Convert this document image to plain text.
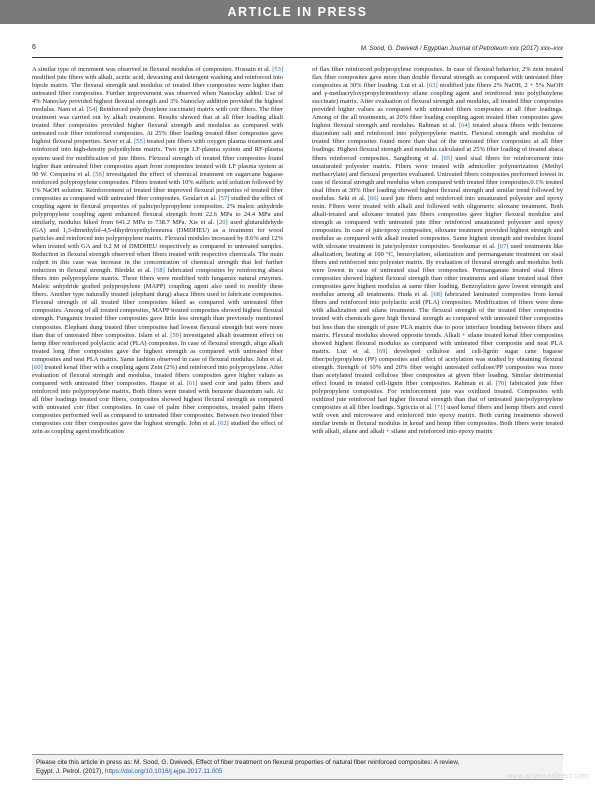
ARTICLE IN PRESS
6	M. Sood, G. Dwivedi / Egyptian Journal of Petroleum xxx (2017) xxx–xxx

A similar type of increment was observed in flexural modulus of composites. Hossain et al. [53] modified jute fibers with alkali, acetic acid, dewaxing and detergent washing and reinforced into bipole matrix. The flexural strength and modulus of treated fiber composites were higher than untreated fiber composites. Further improvement was observed when Nanoclay added. Use of 4% Nanoclay provided highest flexural strength and 3% Nanoclay addition provided the highest modulus. Nam et al. [54] Reinforced poly (butylene succinate) matrix with coir fibers. The fiber treatment was carried out by alkali treatment. Results showed that at all fiber loading alkali treated fiber composites provided higher flexural strength and modulus as compared with untreated coir fiber reinforced composites. At 25% fiber loading treated fiber composites gave highest flexural properties. Sever et al. [55] treated jute fibers with oxygen plasma treatment and reinforced into high-density polyethylene matrix. Two type LF-plasma system and RF-plasma system used for modification of jute fibers. Flexural strength of treated fiber composites found higher than untreated fiber composites apart from composites treated with LF plasma system at 90 W. Cerqueira et al. [56] investigated the effect of chemical treatment on sugarcane bagasse reinforced polypropylene composites. Fibers treated with 10% sulfuric acid solution followed by 1% NaOH solution. Reinforcement of treated fiber improved flexural properties of treated fiber composites as compared with untreated fiber composites. Goulart et al. [57] studied the effect of coupling agent in flexural properties of palm/polypropylene composites. 2% maleic anhydride polypropylene coupling agent enhanced flexural strength from 22.6 MPa to 24.4 MPa and similarly, modulus hiked from 641.2 MPa to 738.7 MPa. Xie et al. [20] used glutaraldehyde (GA) and 1,3-dimethylol-4,5-dihydroxyethyleneurea (DMDHEU) as a treatment for wood particles and reinforced into polypropylene matrix. Flexural modules increased by 8.6% and 12% when treated with GA and 0.2 M of DMDHEU respectively as compared to untreated samples. Reduction in flexural strength observed when fibers treated with respective chemicals. The main culprit in this case was increase in the concentration of chemical strength that led further reduction in flexural strength. Bledzki et al. [58] fabricated composites by reinforcing abaca fibers into polypropylene matrix. These fibers were modified with fungamix natural enzymes. Maleic anhydride grafted polypropylene (MAPP) coupling agent also used to modify these fibers. Another type naturally treated (elephant dung) abaca fibers used to fabricate composites. Flexural strength of all treated fiber composites hiked as compared with untreated fiber composites. Among of all treated composites, MAPP treated composites showed highest flexural strength. Fungamix treated fiber composites gave little less strength than previously mentioned composites. Elephant dung treated fiber composites had lowest flexural strength but were more than that of untreated fiber composites. Islam et al. [59] investigated alkali treatment effect on hemp fiber reinforced polylactic acid (PLA) composites. In case of flexural strength, align alkali treated long fiber composites gave the highest strength as compared with untreated fiber composites and neat PLA matrix. Same fashion observed in case of flexural modulus. John et al. [60] treated kenaf fiber with a coupling agent Zein (2%) and reinforced into polypropylene. After evaluation of flexural strength and modulus, treated fibers composites gave higher values as compared with untreated fiber composites. Haque et al. [61] used coir and palm fibers and reinforced into polypropylene matrix. Both fibers were treated with benzene diazonium salt. At all fiber loadings treated coir fibers, composites showed highest flexural strength as compared with untreated coir fiber composites. In case of palm fiber composites, treated palm fibers composites performed well as compared to untreated fiber composites. Between two treated fiber composites coir fiber composites gave the highest strength. John et al. [62] studied the effect of zein as coupling agent modification

of flax fiber reinforced polypropylene composites. In case of flexural behavior, 2% zein treated flax fiber composites gave more than double flexural strength as compared with untreated fiber composites at 30% fiber loading. Lui et al. [63] modified jute fibers 2% NaOH, 2 + 5% NaOH and γ-methacryloxypropyltrimethoxy silane coupling agent and reinforced into poly(butylene succinate) matrix. After evaluation of flexural strength and modulus, all treated fiber composites provided higher values as compared with untreated fibers composites at all fiber loadings. Among of the all treatments, at 20% fiber loading coupling agent treated fiber composites gave highest flexural strength and modulus. Rahman et al. [64] treated abaca fibers with benzene diazonium salt and reinforced into polypropylene matrix. Flexural strength and modulus of treated fiber composites found more than that of the untreated fiber composites at all fiber loadings. Highest flexural strength and modulus calculated at 25% fiber loading of treated abaca fibers reinforced composites. Sangthong et al. [65] used sisal fibers for reinforcement into unsaturated polyester matrix. Fibers were treated with admiceller polymerization (Methyl methacrylate) and flexural properties evaluated. Untreated fibers composites performed lowest in case of flexural strength and modulus when compared with treated fiber composites.0.1% treated sisal fibers at 30% fiber loading showed highest flexural strength and similar trend followed by modulus. Seki et al. [66] used jute fibers and reinforced into unsaturated polyester and epoxy resin. Fibers were treated with alkali and followed with oligomeric siloxane treatment. Both alkali-treated and siloxane treated jute fibers composites gave higher flexural modulus and strength as compared with untreated jute fiber reinforced unsaturated polyester and epoxy composites. In case of jute/epoxy composites, siloxane treatment provided highest strength and modulus as compared with alkali treated composites. Same highest strength and modules found with siloxane treatment in jute/polyester composites. Sreekumar et al. [67] used treatments like alkalization, heating at 100 °C, benzoylation, silanization and permanganate treatment on sisal fibers and reinforced into polyester matrix. By evaluation of flexural strength and modulus both were lowest in case of untreated sisal fiber composites. Permanganate treated sisal fibers composites showed highest flexural strength than other treatments and silane treated sisal fiber composites gave highest modulus at same fiber loading. Benzoylation gave lowest strength and modulus among all treatments. Huda et al. [68] fabricated laminated composites from kenaf fibers and reinforced into polylactic acid (PLA) composites. Modification of fibers were done with alkalization and silane treatment. The flexural strength of the treated fiber composites treated with chemicals gave high flexural strength as compared with untreated fiber composites but less than the strength of pure PLA matrix due to poor interface bonding between fibers and matrix. Flexural modulus showed opposite trends. Alkali + silane treated kenaf fiber composites showed highest flexural modulus as compared with untreated fiber composite and neat PLA matrix. Luz et al. [69] developed cellulose and cell-lignin sugar cane bagasse fiber/polypropylene (PP) composites and effect of acetylation was studied by obtaining flexural strength. Strength of 10% and 20% fiber weight untreated cellulose/PP composites was more than acetylated treated cellulose fiber composites at given fiber loading. Similar detrimental effect found in treated cell-lignin fiber composites. Rahman et al. [70] fabricated jute fiber polypropylene composites. For reinforcement jute was oxidized treated. Composites with oxidized jute reinforced had higher flexural strength than that of untreated jute/polypropylene composites at all fiber loadings. Sgriccia et al. [71] used kenaf fibers and hemp fibers and cured with oven and microwave and reinforced into epoxy matrix. Both curing treatments showed similar trends in flexural modulus in kenaf and hemp fiber composites. Both fibers were treated with alkali, silane and alkali + silane and reinforced into epoxy matrix

Please cite this article in press as: M. Sood, G. Dwivedi, Effect of fiber treatment on flexural properties of natural fiber reinforced composites: A review,
Egypt. J. Petrol. (2017), https://doi.org/10.1016/j.ejpe.2017.11.005
www.sciencedirect.com
